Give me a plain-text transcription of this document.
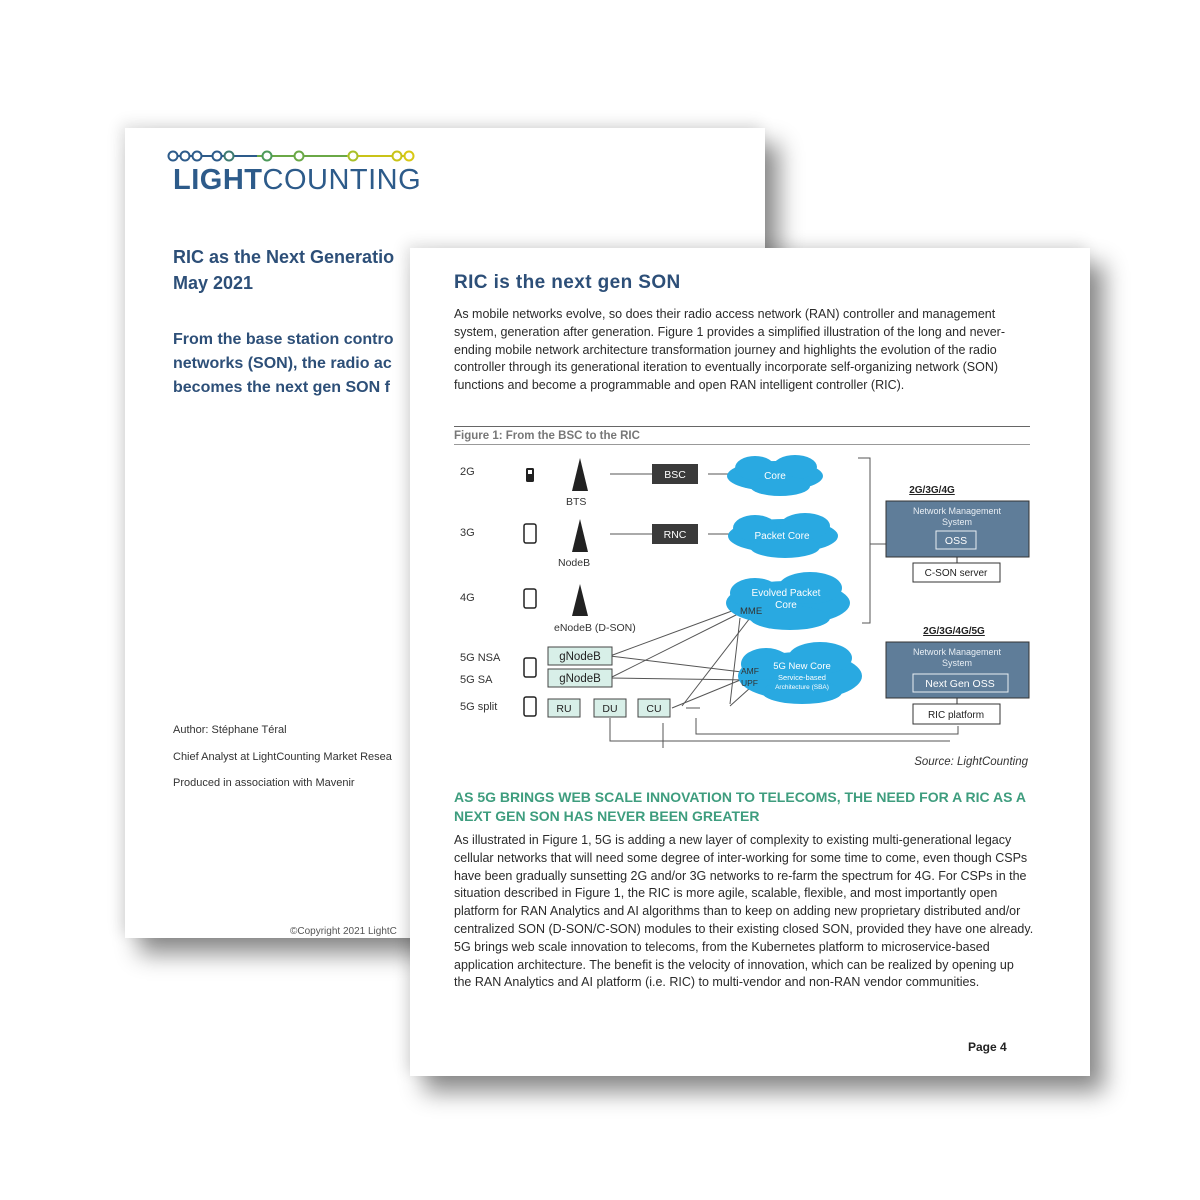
LIGHTCOUNTING
RIC as the Next Generatio
May 2021
From the base station contro
networks (SON), the radio ac
becomes the next gen SON f
Author: Stéphane Téral
Chief Analyst at LightCounting Market Resea
Produced in association with Mavenir
©Copyright 2021 LightC
RIC is the next gen SON
As mobile networks evolve, so does their radio access network (RAN) controller and management system, generation after generation. Figure 1 provides a simplified illustration of the long and never-ending mobile network architecture transformation journey and highlights the evolution of the radio controller through its generational iteration to eventually incorporate self-organizing network (SON) functions and become a programmable and open RAN intelligent controller (RIC).
Figure 1: From the BSC to the RIC
2G
3G
4G
5G NSA
5G SA
5G split
BTS
NodeB
eNodeB (D-SON)
BSC
RNC
Core
Packet Core
Evolved Packet
Core
MME
5G New Core
Service-based
Architecture (SBA)
AMF
UPF
gNodeB
gNodeB
RU	DU	CU
2G/3G/4G
Network Management
System
OSS
C-SON server
2G/3G/4G/5G
Network Management
System
Next Gen OSS
RIC platform
Source: LightCounting
AS 5G BRINGS WEB SCALE INNOVATION TO TELECOMS, THE NEED FOR A RIC AS A NEXT GEN SON HAS NEVER BEEN GREATER
As illustrated in Figure 1, 5G is adding a new layer of complexity to existing multi-generational legacy cellular networks that will need some degree of inter-working for some time to come, even though CSPs have been gradually sunsetting 2G and/or 3G networks to re-farm the spectrum for 4G. For CSPs in the situation described in Figure 1, the RIC is more agile, scalable, flexible, and most importantly open platform for RAN Analytics and AI algorithms than to keep on adding new proprietary distributed and/or centralized SON (D-SON/C-SON) modules to their existing closed SON, provided they have one already. 5G brings web scale innovation to telecoms, from the Kubernetes platform to microservice-based application architecture. The benefit is the velocity of innovation, which can be realized by opening up the RAN Analytics and AI platform (i.e. RIC) to multi-vendor and non-RAN vendor communities.
Page 4
